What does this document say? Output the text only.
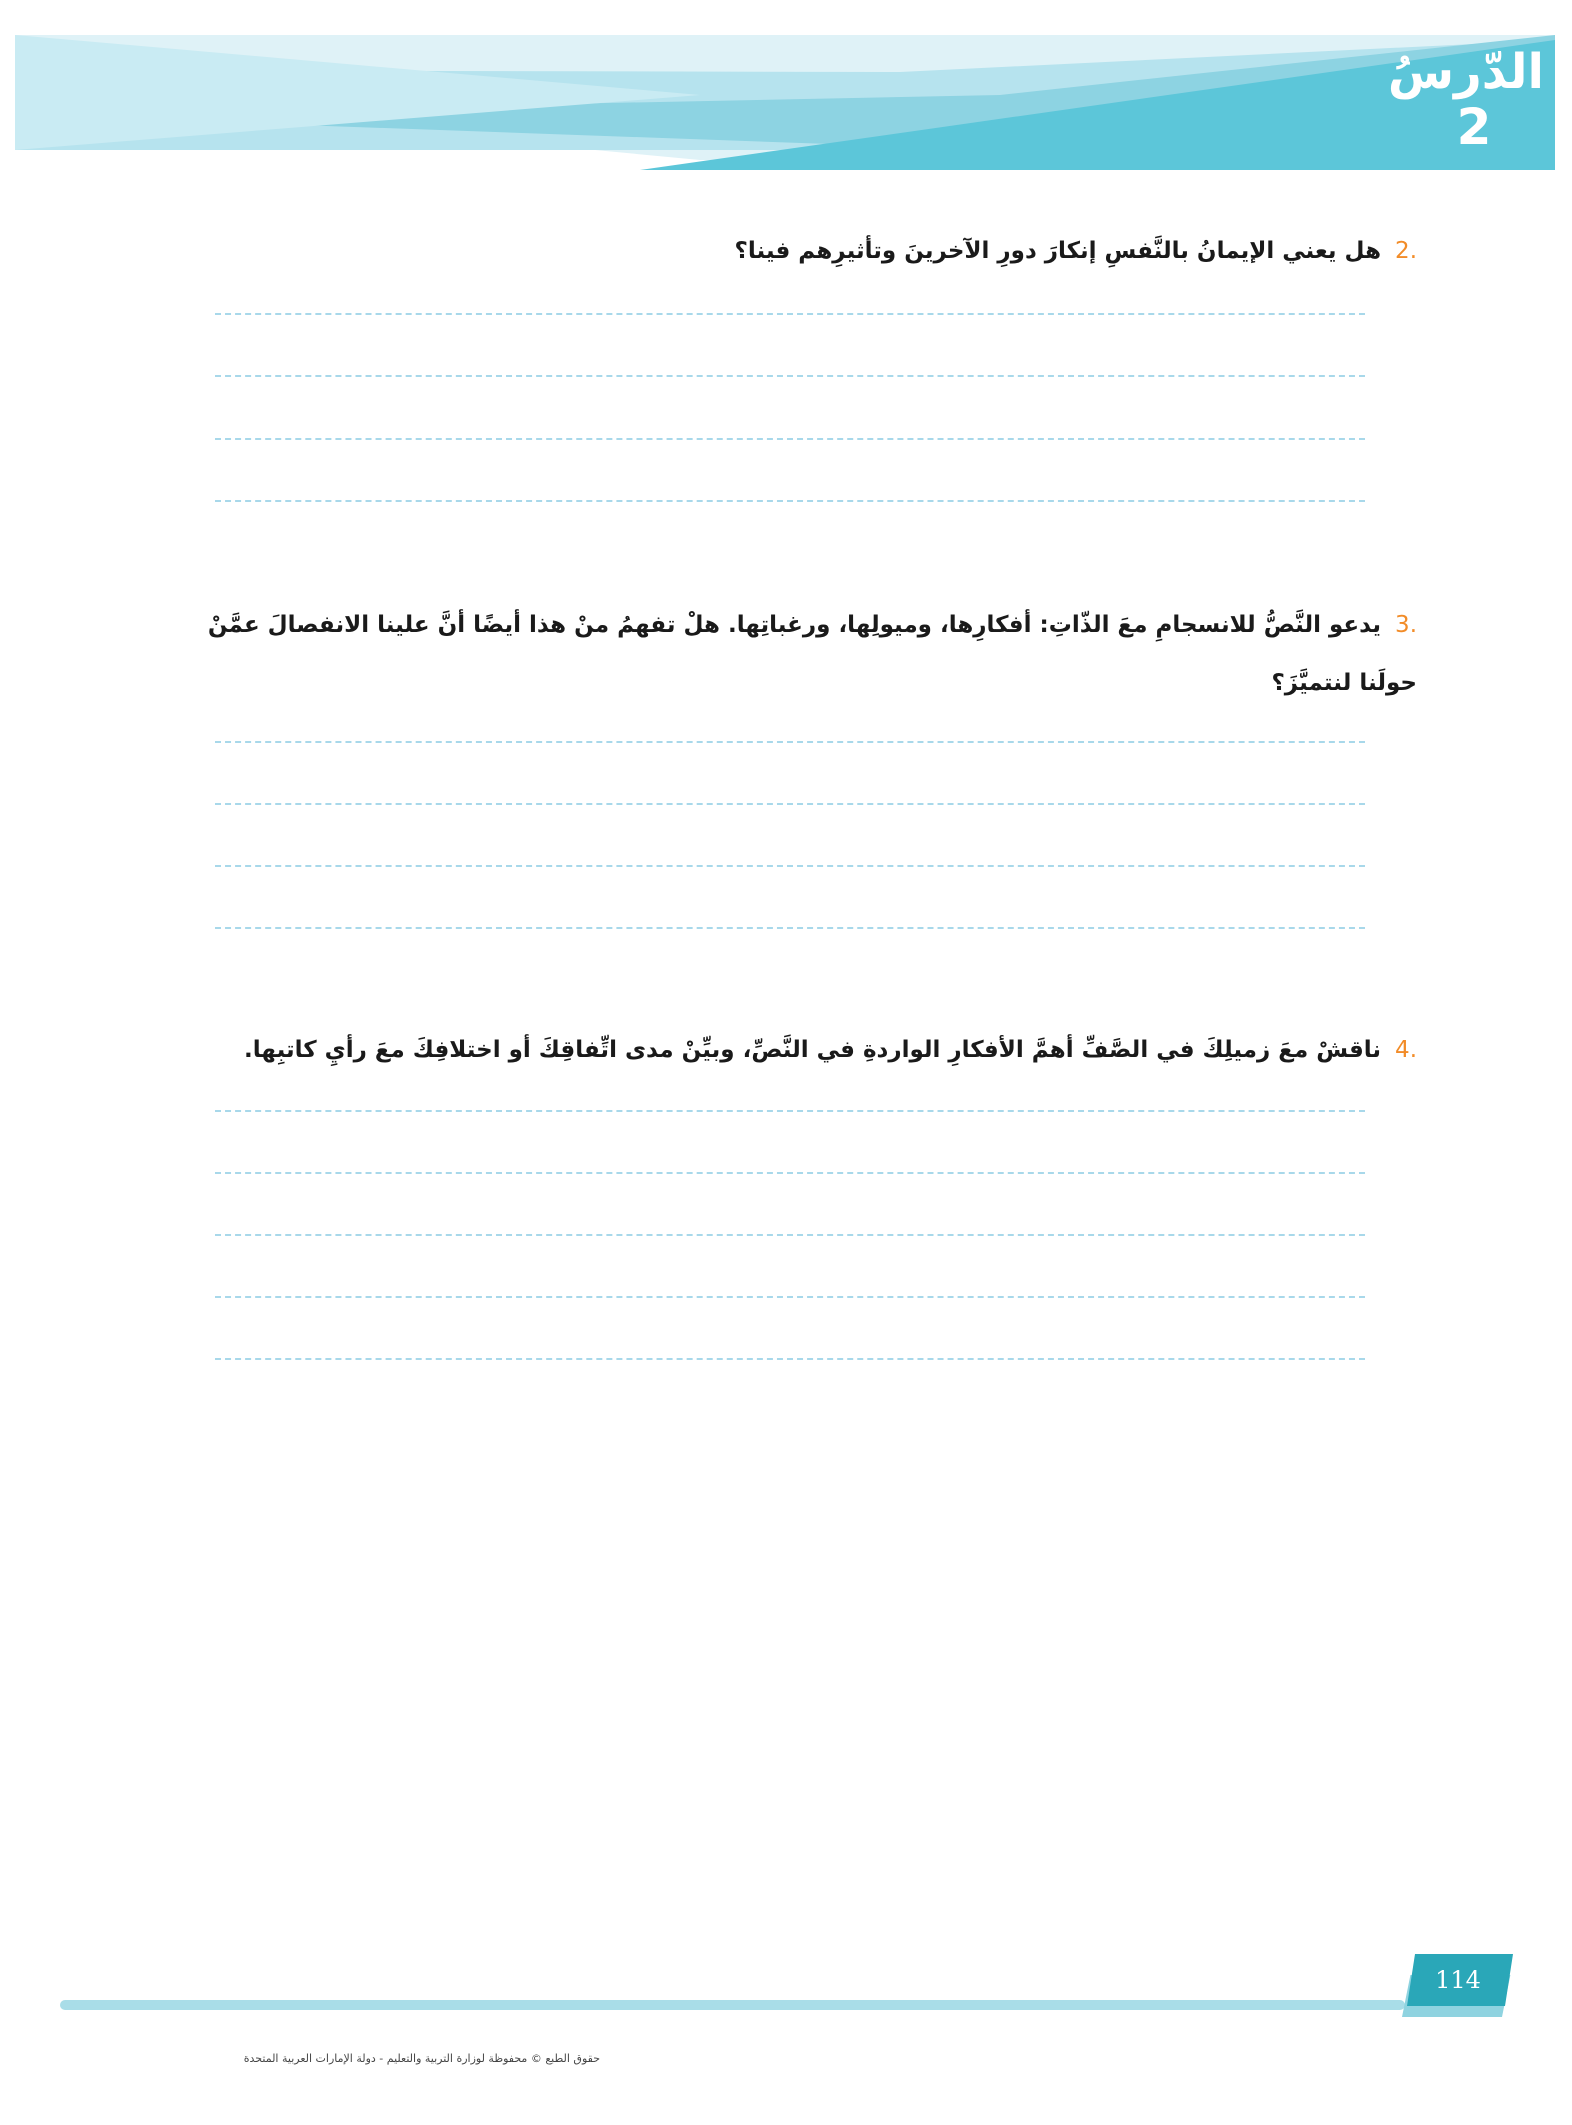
الدّرسُ
2
.2هل يعني الإيمانُ بالنَّفسِ إنكارَ دورِ الآخرينَ وتأثيرِهم فينا؟
.3يدعو النَّصُّ للانسجامِ معَ الذّاتِ: أفكارِها، وميولِها، ورغباتِها. هلْ تفهمُ منْ هذا أيضًا أنَّ علينا الانفصالَ عمَّنْ حولَنا لنتميَّزَ؟
.4ناقشْ معَ زميلِكَ في الصَّفِّ أهمَّ الأفكارِ الواردةِ في النَّصِّ، وبيِّنْ مدى اتِّفاقِكَ أو اختلافِكَ معَ رأيِ كاتبِها.
114
حقوق الطبع © محفوظة لوزارة التربية والتعليم - دولة الإمارات العربية المتحدة
